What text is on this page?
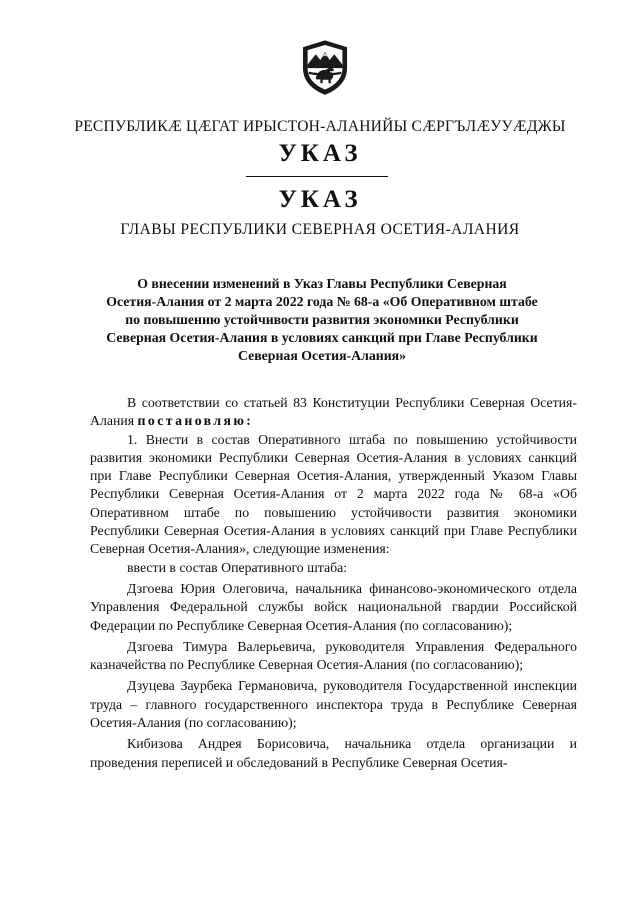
РЕСПУБЛИКӔ ЦӔГАТ ИРЫСТОН-АЛАНИЙЫ СӔРГЪЛӔУУӔДЖЫ
УКАЗ
УКАЗ
ГЛАВЫ РЕСПУБЛИКИ СЕВЕРНАЯ ОСЕТИЯ-АЛАНИЯ
О внесении изменений в Указ Главы Республики Северная
Осетия-Алания от 2 марта 2022 года № 68-а «Об Оперативном штабе
по повышению устойчивости развития экономики Республики
Северная Осетия-Алания в условиях санкций при Главе Республики
Северная Осетия-Алания»

В соответствии со статьей 83 Конституции Республики Северная Осетия-Алания постановляю:

1. Внести в состав Оперативного штаба по повышению устойчивости развития экономики Республики Северная Осетия-Алания в условиях санкций при Главе Республики Северная Осетия-Алания, утвержденный Указом Главы Республики Северная Осетия-Алания от 2 марта 2022 года № 68-а «Об Оперативном штабе по повышению устойчивости развития экономики Республики Северная Осетия-Алания в условиях санкций при Главе Республики Северная Осетия-Алания», следующие изменения:

ввести в состав Оперативного штаба:

Дзгоева Юрия Олеговича, начальника финансово-экономического отдела Управления Федеральной службы войск национальной гвардии Российской Федерации по Республике Северная Осетия-Алания (по согласованию);

Дзгоева Тимура Валерьевича, руководителя Управления Федерального казначейства по Республике Северная Осетия-Алания (по согласованию);

Дзуцева Заурбека Германовича, руководителя Государственной инспекции труда – главного государственного инспектора труда в Республике Северная Осетия-Алания (по согласованию);

Кибизова Андрея Борисовича, начальника отдела организации и проведения переписей и обследований в Республике Северная Осетия-
